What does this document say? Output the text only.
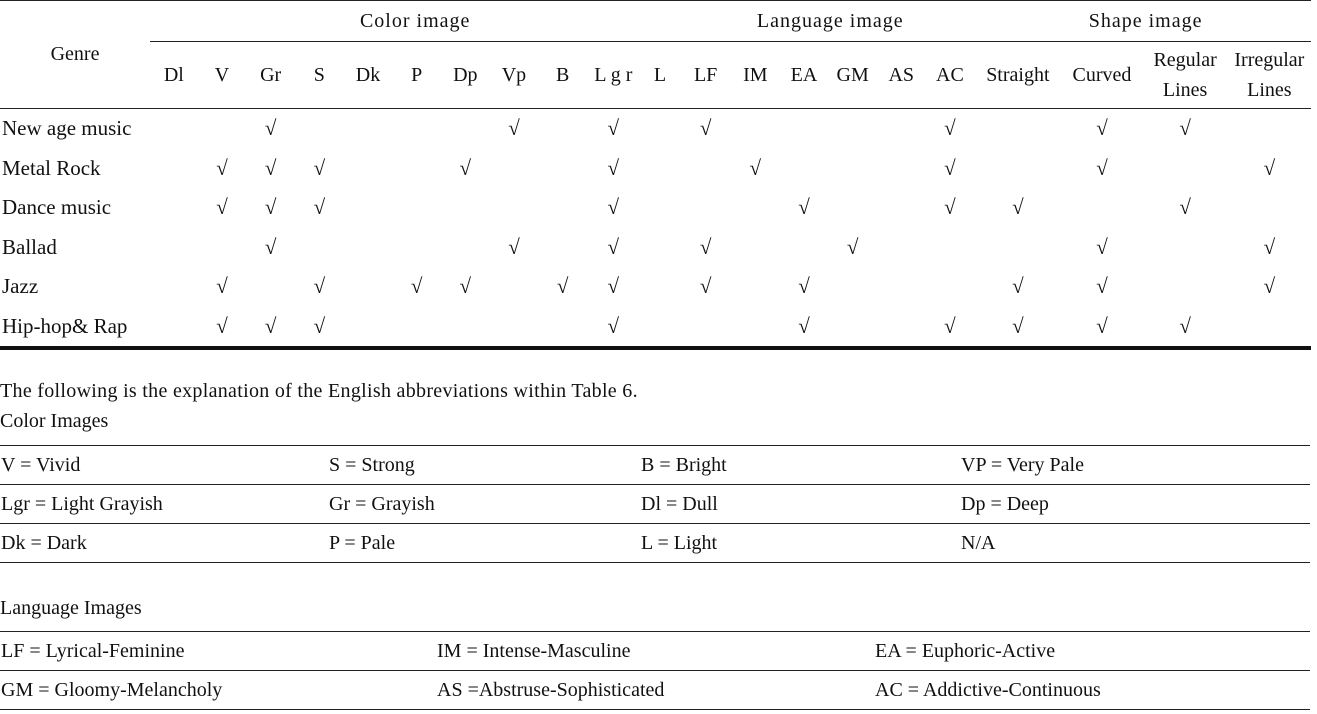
Genre	Color image											Language image						Shape image			
	Dl	V	Gr	S	Dk	P	Dp	Vp	B	L g r	L	LF	IM	EA	GM	AS	AC	Straight	Curved	Regular Lines	Irregular Lines
New age music			√					√		√		√					√		√	√	
Metal Rock		√	√	√			√			√			√				√		√		√
Dance music		√	√	√						√				√			√	√		√	
Ballad			√					√		√		√			√				√		√
Jazz		√		√		√	√		√	√		√		√				√	√		√
Hip-hop& Rap		√	√	√						√				√			√	√	√	√	
The following is the explanation of the English abbreviations within Table 6.
Color Images
V = Vivid	S = Strong	B = Bright	VP = Very Pale
Lgr = Light Grayish	Gr = Grayish	Dl = Dull	Dp = Deep
Dk = Dark	P = Pale	L = Light	N/A
Language Images
LF = Lyrical-Feminine	IM = Intense-Masculine	EA = Euphoric-Active
GM = Gloomy-Melancholy	AS =Abstruse-Sophisticated	AC = Addictive-Continuous
